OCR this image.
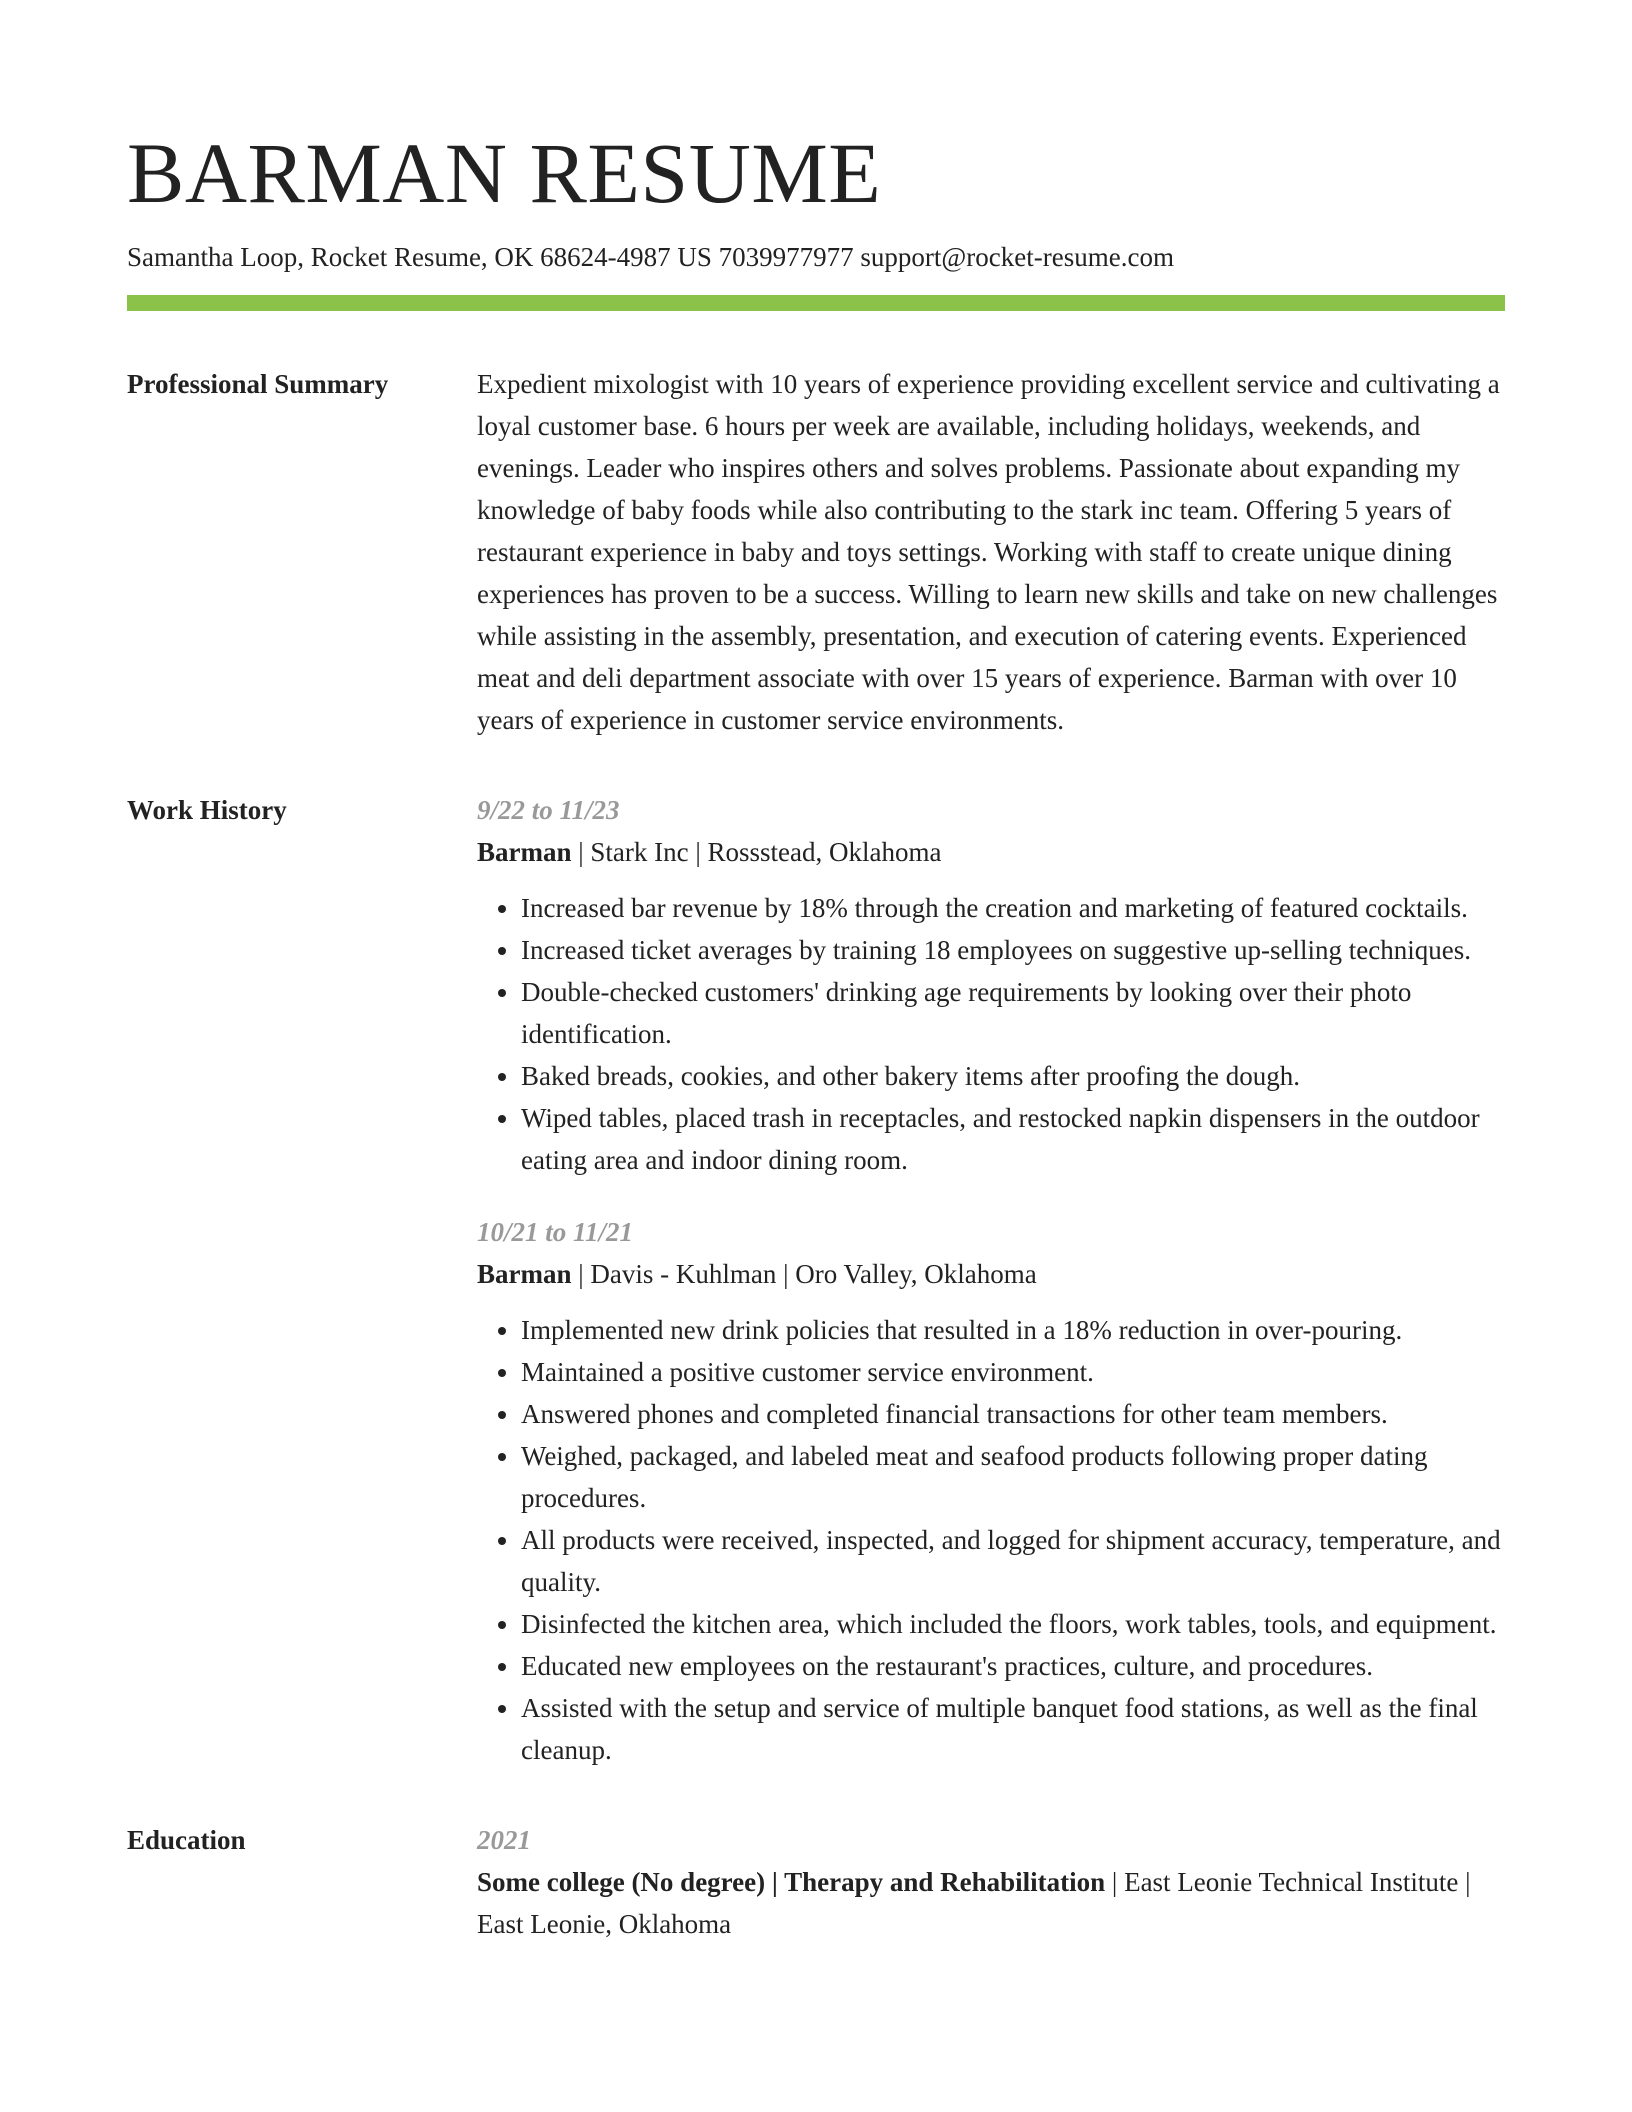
BARMAN RESUME
Samantha Loop, Rocket Resume, OK 68624-4987 US 7039977977 support@rocket-resume.com
Professional Summary	Expedient mixologist with 10 years of experience providing excellent service and cultivating a loyal customer base. 6 hours per week are available, including holidays, weekends, and evenings. Leader who inspires others and solves problems. Passionate about expanding my knowledge of baby foods while also contributing to the stark inc team. Offering 5 years of restaurant experience in baby and toys settings. Working with staff to create unique dining experiences has proven to be a success. Willing to learn new skills and take on new challenges while assisting in the assembly, presentation, and execution of catering events. Experienced meat and deli department associate with over 15 years of experience. Barman with over 10 years of experience in customer service environments.

Work History	9/22 to 11/23
Barman | Stark Inc | Rossstead, Oklahoma
• Increased bar revenue by 18% through the creation and marketing of featured cocktails.
• Increased ticket averages by training 18 employees on suggestive up-selling techniques.
• Double-checked customers' drinking age requirements by looking over their photo identification.
• Baked breads, cookies, and other bakery items after proofing the dough.
• Wiped tables, placed trash in receptacles, and restocked napkin dispensers in the outdoor eating area and indoor dining room.
10/21 to 11/21
Barman | Davis - Kuhlman | Oro Valley, Oklahoma
• Implemented new drink policies that resulted in a 18% reduction in over-pouring.
• Maintained a positive customer service environment.
• Answered phones and completed financial transactions for other team members.
• Weighed, packaged, and labeled meat and seafood products following proper dating procedures.
• All products were received, inspected, and logged for shipment accuracy, temperature, and quality.
• Disinfected the kitchen area, which included the floors, work tables, tools, and equipment.
• Educated new employees on the restaurant's practices, culture, and procedures.
• Assisted with the setup and service of multiple banquet food stations, as well as the final cleanup.
Education	2021
Some college (No degree) | Therapy and Rehabilitation | East Leonie Technical Institute | East Leonie, Oklahoma
